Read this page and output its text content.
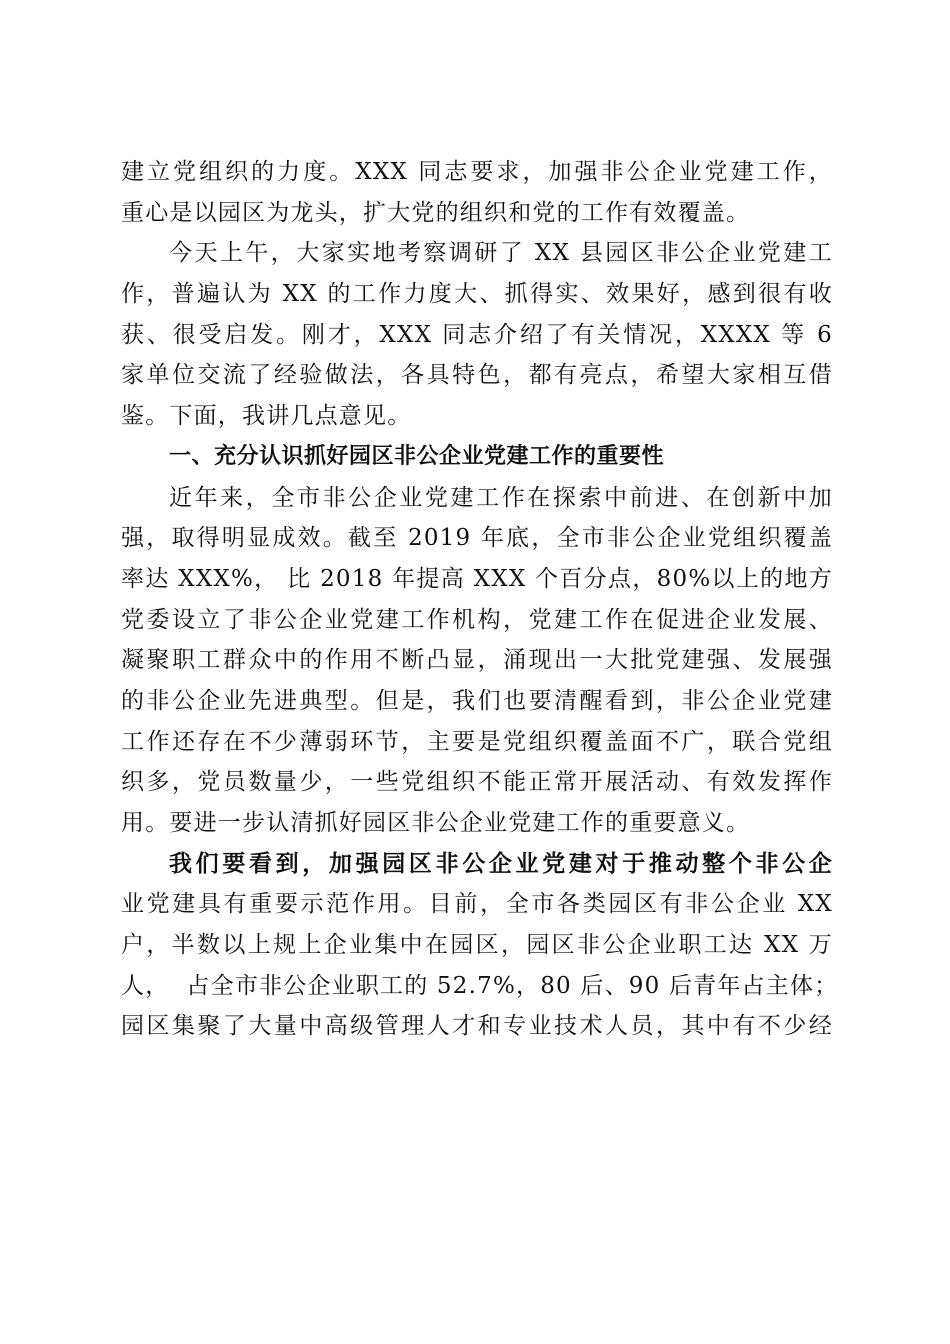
建立党组织的力度。XXX 同志要求，加强非公企业党建工作，
重心是以园区为龙头，扩大党的组织和党的工作有效覆盖。
今天上午，大家实地考察调研了 XX 县园区非公企业党建工
作，普遍认为 XX 的工作力度大、抓得实、效果好，感到很有收
获、很受启发。刚才，XXX 同志介绍了有关情况，XXXX 等 6
家单位交流了经验做法，各具特色，都有亮点，希望大家相互借
鉴。下面，我讲几点意见。
一、充分认识抓好园区非公企业党建工作的重要性
近年来，全市非公企业党建工作在探索中前进、在创新中加
强，取得明显成效。截至 2019 年底，全市非公企业党组织覆盖
率达 XXX%， 比 2018 年提高 XXX 个百分点，80%以上的地方
党委设立了非公企业党建工作机构，党建工作在促进企业发展、
凝聚职工群众中的作用不断凸显，涌现出一大批党建强、发展强
的非公企业先进典型。但是，我们也要清醒看到，非公企业党建
工作还存在不少薄弱环节，主要是党组织覆盖面不广，联合党组
织多，党员数量少，一些党组织不能正常开展活动、有效发挥作
用。要进一步认清抓好园区非公企业党建工作的重要意义。
我们要看到，加强园区非公企业党建对于推动整个非公企
业党建具有重要示范作用。目前，全市各类园区有非公企业 XX
户，半数以上规上企业集中在园区，园区非公企业职工达 XX 万
人，  占全市非公企业职工的 52.7%，80 后、90 后青年占主体；
园区集聚了大量中高级管理人才和专业技术人员，其中有不少经
